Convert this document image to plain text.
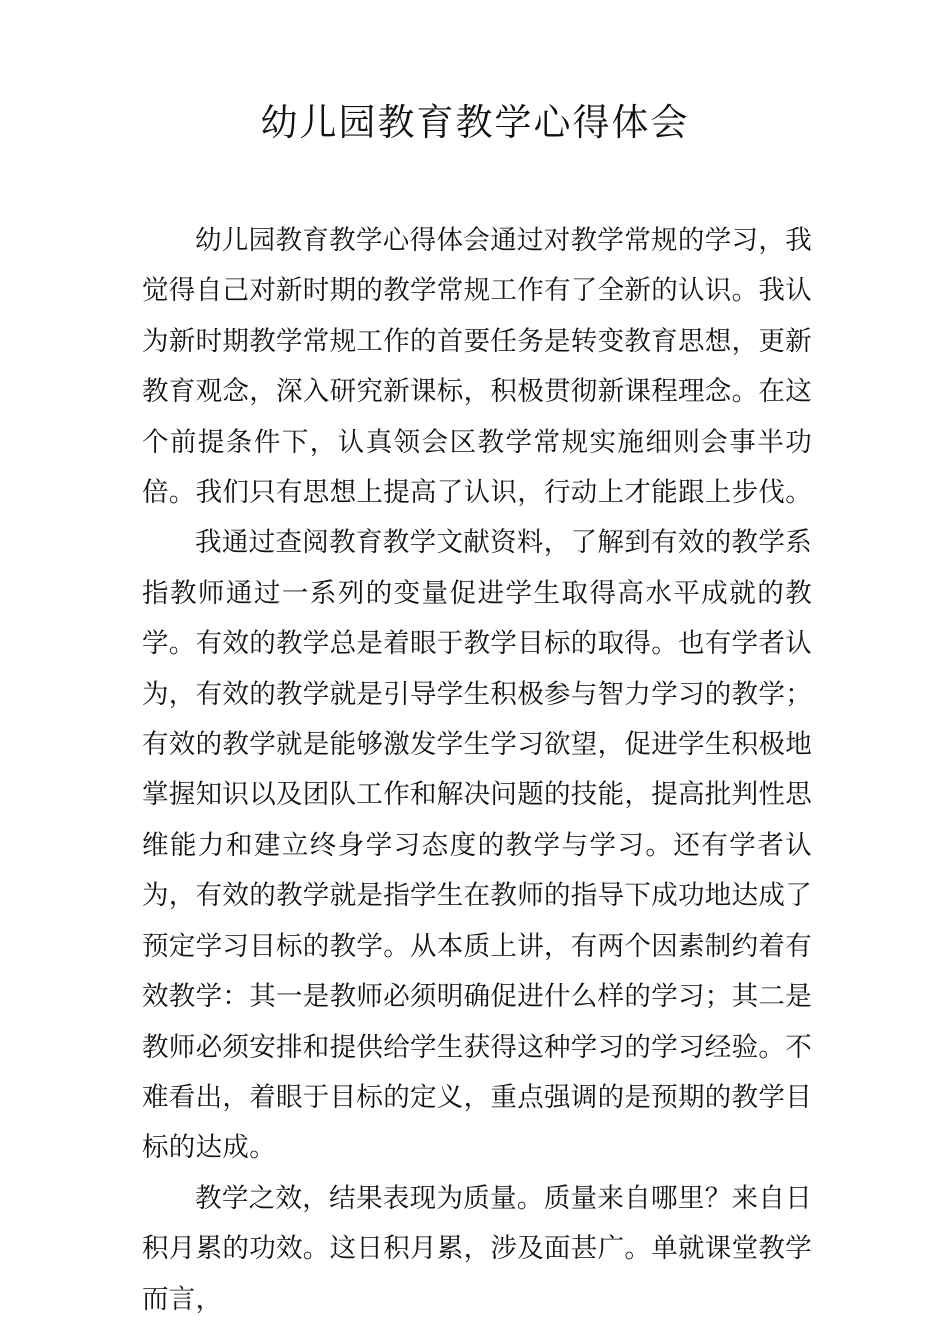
幼儿园教育教学心得体会

幼儿园教育教学心得体会通过对教学常规的学习，我觉得自己对新时期的教学常规工作有了全新的认识。我认为新时期教学常规工作的首要任务是转变教育思想，更新教育观念，深入研究新课标，积极贯彻新课程理念。在这个前提条件下，认真领会区教学常规实施细则会事半功倍。我们只有思想上提高了认识，行动上才能跟上步伐。

我通过查阅教育教学文献资料，了解到有效的教学系指教师通过一系列的变量促进学生取得高水平成就的教学。有效的教学总是着眼于教学目标的取得。也有学者认为，有效的教学就是引导学生积极参与智力学习的教学；有效的教学就是能够激发学生学习欲望，促进学生积极地掌握知识以及团队工作和解决问题的技能，提高批判性思维能力和建立终身学习态度的教学与学习。还有学者认为，有效的教学就是指学生在教师的指导下成功地达成了预定学习目标的教学。从本质上讲，有两个因素制约着有效教学：其一是教师必须明确促进什么样的学习；其二是教师必须安排和提供给学生获得这种学习的学习经验。不难看出，着眼于目标的定义，重点强调的是预期的教学目标的达成。

教学之效，结果表现为质量。质量来自哪里？来自日积月累的功效。这日积月累，涉及面甚广。单就课堂教学而言，
